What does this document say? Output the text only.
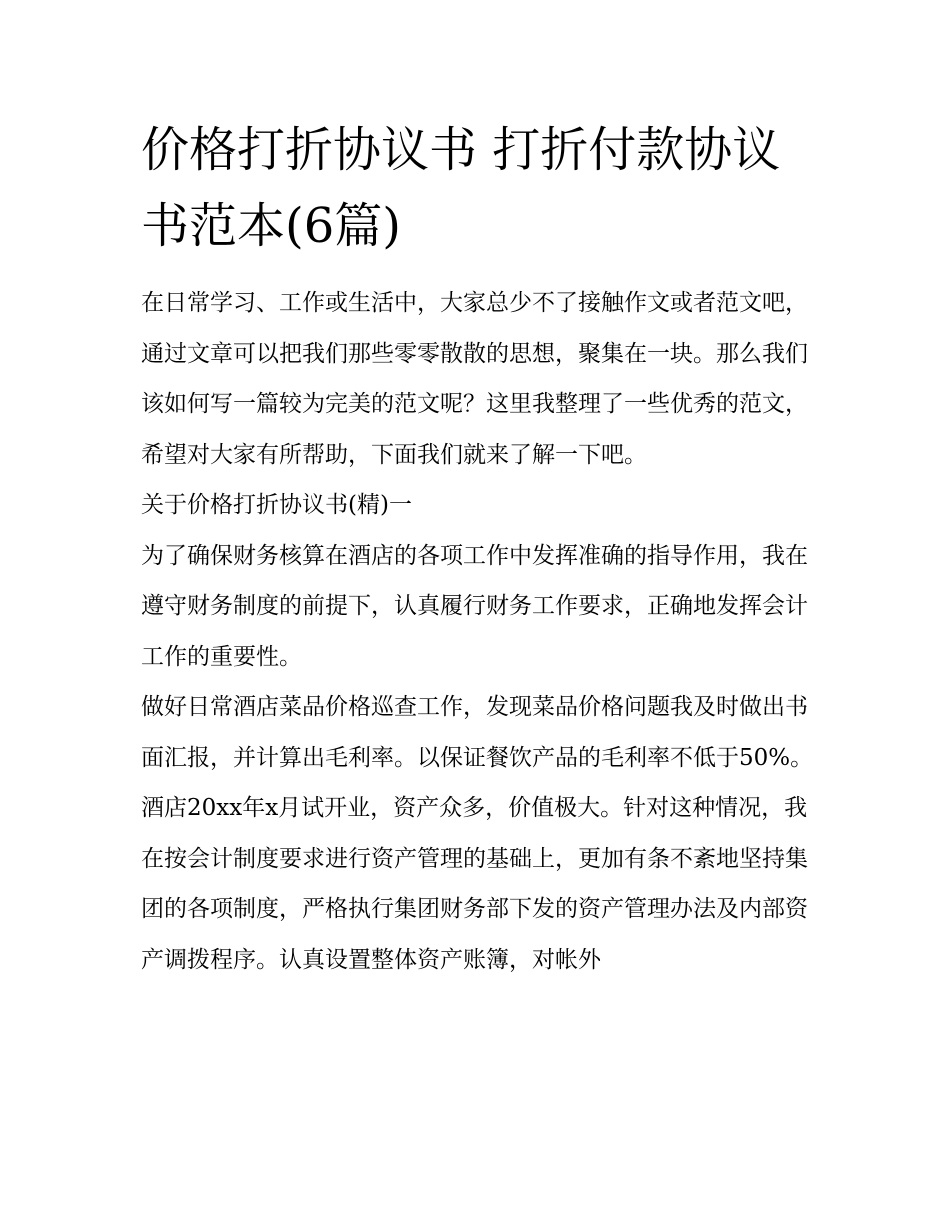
价格打折协议书 打折付款协议书范本(6篇)

在日常学习、工作或生活中，大家总少不了接触作文或者范文吧，通过文章可以把我们那些零零散散的思想，聚集在一块。那么我们该如何写一篇较为完美的范文呢？这里我整理了一些优秀的范文，希望对大家有所帮助，下面我们就来了解一下吧。

关于价格打折协议书(精)一

为了确保财务核算在酒店的各项工作中发挥准确的指导作用，我在遵守财务制度的前提下，认真履行财务工作要求，正确地发挥会计工作的重要性。

做好日常酒店菜品价格巡查工作，发现菜品价格问题我及时做出书面汇报，并计算出毛利率。以保证餐饮产品的毛利率不低于50%。

酒店20xx年x月试开业，资产众多，价值极大。针对这种情况，我在按会计制度要求进行资产管理的基础上，更加有条不紊地坚持集团的各项制度，严格执行集团财务部下发的资产管理办法及内部资产调拨程序。认真设置整体资产账簿，对帐外
